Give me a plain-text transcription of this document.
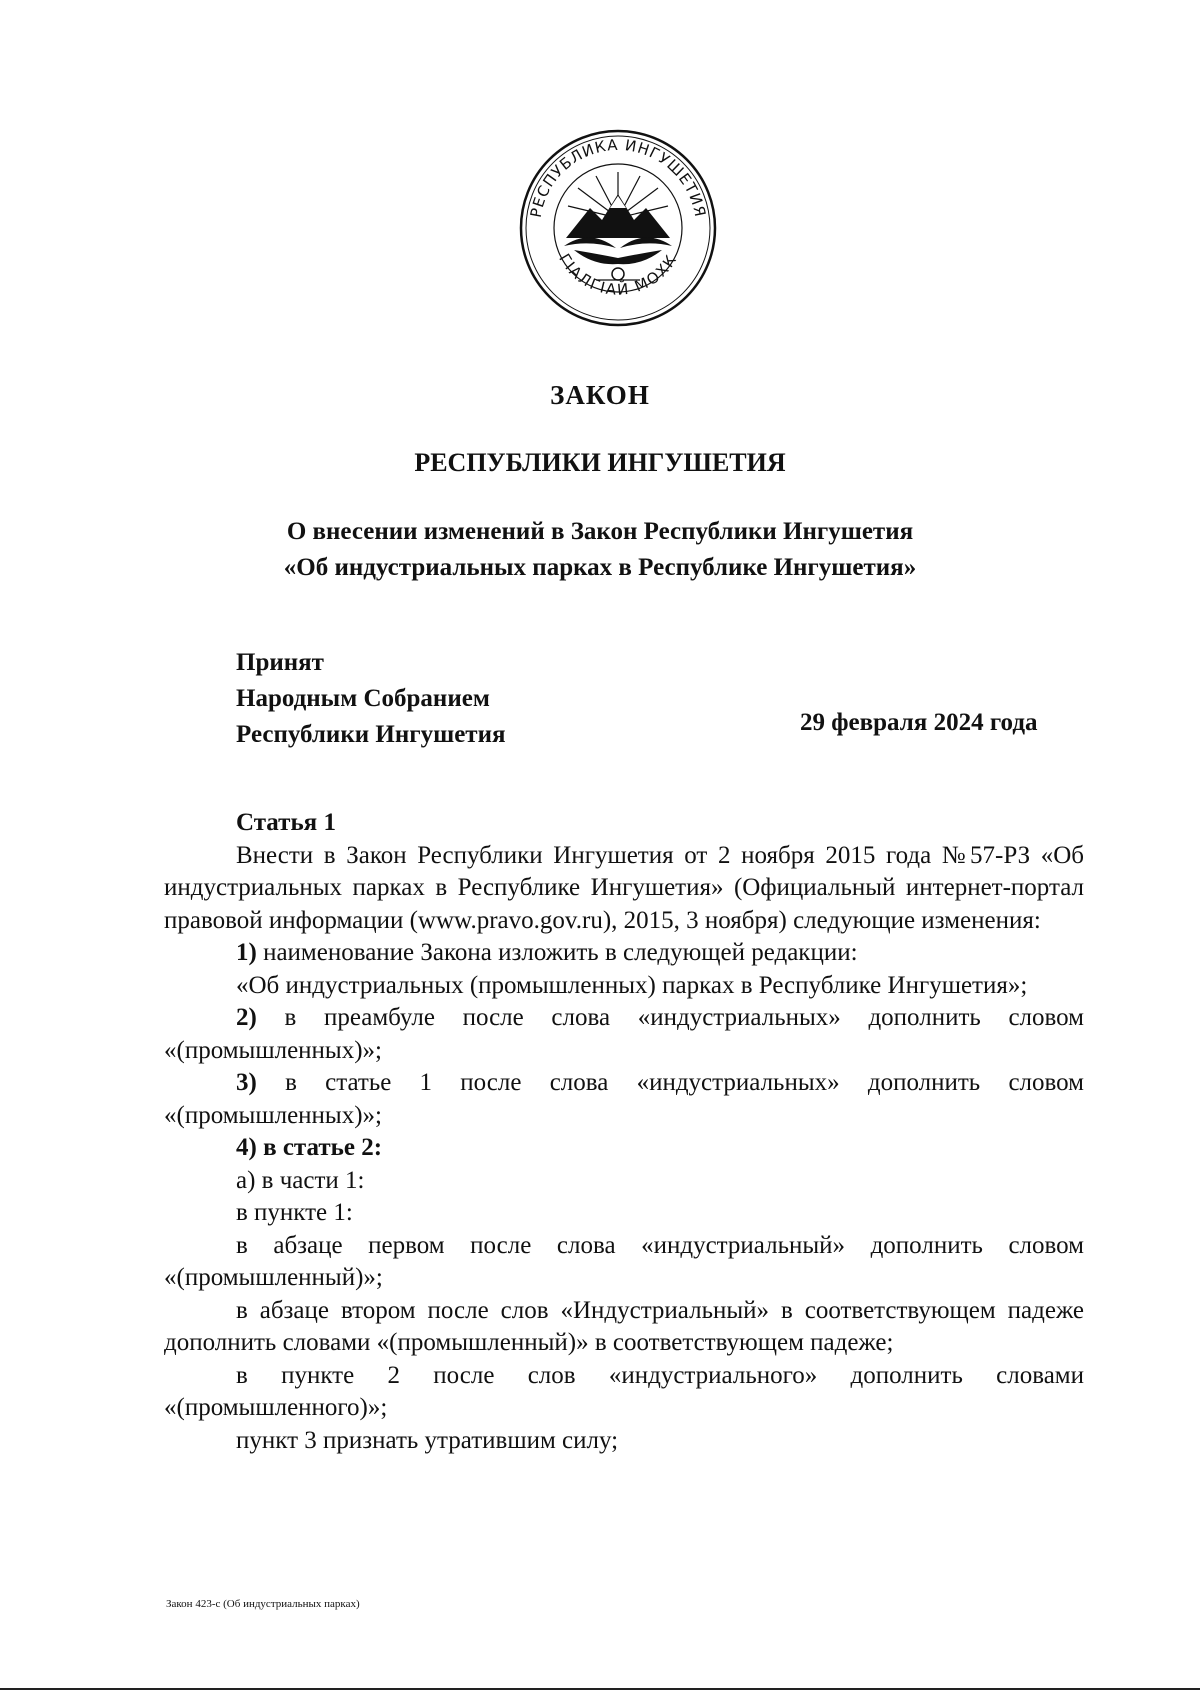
РЕСПУБЛИКА ИНГУШЕТИЯ
ГІАЛГІАЙ МОХК
ЗАКОН
РЕСПУБЛИКИ ИНГУШЕТИЯ
О внесении изменений в Закон Республики Ингушетия
«Об индустриальных парках в Республике Ингушетия»
Принят
Народным Собранием
Республики Ингушетия	29 февраля 2024 года
Статья 1

Внести в Закон Республики Ингушетия от 2 ноября 2015 года №57-РЗ «Об индустриальных парках в Республике Ингушетия» (Официальный интернет-портал правовой информации (www.pravo.gov.ru), 2015, 3 ноября) следующие изменения:

1) наименование Закона изложить в следующей редакции:

«Об индустриальных (промышленных) парках в Республике Ингушетия»;

2) в преамбуле после слова «индустриальных» дополнить словом «(промышленных)»;

3) в статье 1 после слова «индустриальных» дополнить словом «(промышленных)»;

4) в статье 2:

а) в части 1:

в пункте 1:

в абзаце первом после слова «индустриальный» дополнить словом «(промышленный)»;

в абзаце втором после слов «Индустриальный» в соответствующем падеже дополнить словами «(промышленный)» в соответствующем падеже;

в пункте 2 после слов «индустриального» дополнить словами «(промышленного)»;

пункт 3 признать утратившим силу;

Закон 423-с (Об индустриальных парках)
